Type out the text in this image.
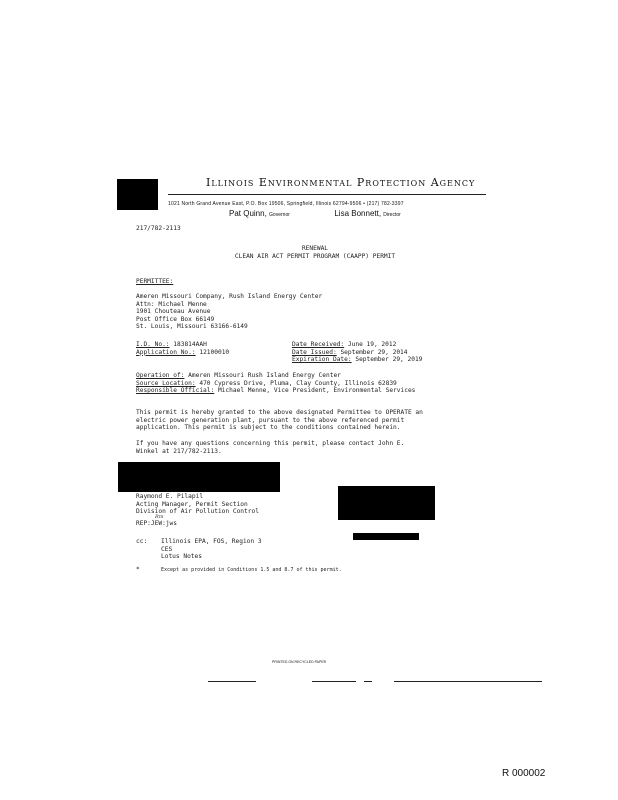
Illinois Environmental Protection Agency
1021 North Grand Avenue East, P.O. Box 19506, Springfield, Illinois 62794-9506 • (217) 782-3397
Pat Quinn, Governor	Lisa Bonnett, Director
217/782-2113
RENEWAL
CLEAN AIR ACT PERMIT PROGRAM (CAAPP) PERMIT
PERMITTEE:
Ameren Missouri Company, Rush Island Energy Center
Attn: Michael Menne
1901 Chouteau Avenue
Post Office Box 66149
St. Louis, Missouri 63166-6149
I.D. No.: 183814AAH
Application No.: 12100010
Date Received: June 19, 2012
Date Issued: September 29, 2014
Expiration Date: September 29, 2019
Operation of: Ameren Missouri Rush Island Energy Center
Source Location: 470 Cypress Drive, Pluma, Clay County, Illinois 62839
Responsible Official: Michael Menne, Vice President, Environmental Services
This permit is hereby granted to the above designated Permittee to OPERATE an
electric power generation plant, pursuant to the above referenced permit
application. This permit is subject to the conditions contained herein.
If you have any questions concerning this permit, please contact John E.
Winkel at 217/782-2113.
Raymond E. Pilapil
Acting Manager, Permit Section
Division of Air Pollution Control
Rm
REP:JEW:jws
cc: Illinois EPA, FOS, Region 3
CES
Lotus Notes
*	Except as provided in Conditions 1.5 and 8.7 of this permit.
PRINTED ON RECYCLED PAPER
R 000002
